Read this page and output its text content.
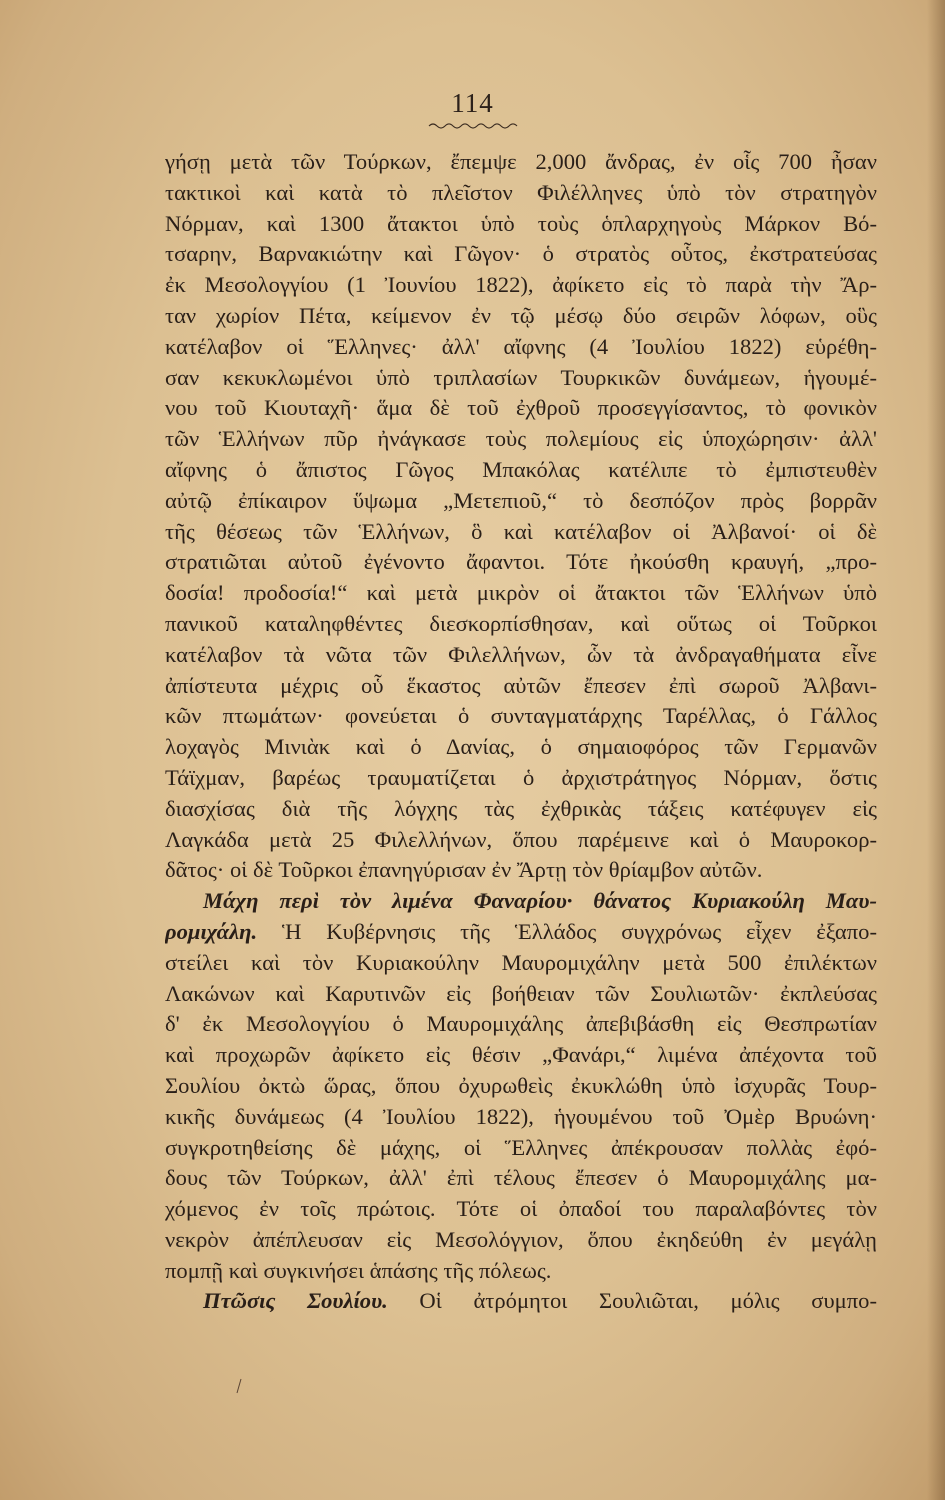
114
γήσῃ μετὰ τῶν Τούρκων, ἔπεμψε 2,000 ἄνδρας, ἐν οἷς 700 ἦσαν
τακτικοὶ καὶ κατὰ τὸ πλεῖστον Φιλέλληνες ὑπὸ τὸν στρατηγὸν
Νόρμαν, καὶ 1300 ἄτακτοι ὑπὸ τοὺς ὁπλαρχηγοὺς Μάρκον Βό-
τσαρην, Βαρνακιώτην καὶ Γῶγον· ὁ στρατὸς οὗτος, ἐκστρατεύσας
ἐκ Μεσολογγίου (1 Ἰουνίου 1822), ἀφίκετο εἰς τὸ παρὰ τὴν Ἄρ-
ταν χωρίον Πέτα, κείμενον ἐν τῷ μέσῳ δύο σειρῶν λόφων, οὓς
κατέλαβον οἱ Ἕλληνες· ἀλλ' αἴφνης (4 Ἰουλίου 1822) εὑρέθη-
σαν κεκυκλωμένοι ὑπὸ τριπλασίων Τουρκικῶν δυνάμεων, ἡγουμέ-
νου τοῦ Κιουταχῆ· ἅμα δὲ τοῦ ἐχθροῦ προσεγγίσαντος, τὸ φονικὸν
τῶν Ἑλλήνων πῦρ ἠνάγκασε τοὺς πολεμίους εἰς ὑποχώρησιν· ἀλλ'
αἴφνης ὁ ἄπιστος Γῶγος Μπακόλας κατέλιπε τὸ ἐμπιστευθὲν
αὐτῷ ἐπίκαιρον ὕψωμα „Μετεπιοῦ,“ τὸ δεσπόζον πρὸς βορρᾶν
τῆς θέσεως τῶν Ἑλλήνων, ὃ καὶ κατέλαβον οἱ Ἀλβανοί· οἱ δὲ
στρατιῶται αὐτοῦ ἐγένοντο ἄφαντοι. Τότε ἠκούσθη κραυγή, „προ-
δοσία! προδοσία!“ καὶ μετὰ μικρὸν οἱ ἄτακτοι τῶν Ἑλλήνων ὑπὸ
πανικοῦ καταληφθέντες διεσκορπίσθησαν, καὶ οὕτως οἱ Τοῦρκοι
κατέλαβον τὰ νῶτα τῶν Φιλελλήνων, ὧν τὰ ἀνδραγαθήματα εἶνε
ἀπίστευτα μέχρις οὗ ἕκαστος αὐτῶν ἔπεσεν ἐπὶ σωροῦ Ἀλβανι-
κῶν πτωμάτων· φονεύεται ὁ συνταγματάρχης Ταρέλλας, ὁ Γάλλος
λοχαγὸς Μινιὰκ καὶ ὁ Δανίας, ὁ σημαιοφόρος τῶν Γερμανῶν
Τάϊχμαν, βαρέως τραυματίζεται ὁ ἀρχιστράτηγος Νόρμαν, ὅστις
διασχίσας διὰ τῆς λόγχης τὰς ἐχθρικὰς τάξεις κατέφυγεν εἰς
Λαγκάδα μετὰ 25 Φιλελλήνων, ὅπου παρέμεινε καὶ ὁ Μαυροκορ-
δᾶτος· οἱ δὲ Τοῦρκοι ἐπανηγύρισαν ἐν Ἄρτῃ τὸν θρίαμβον αὐτῶν.
Μάχη περὶ τὸν λιμένα Φαναρίου· θάνατος Κυριακούλη Μαυ-
ρομιχάλη. Ἡ Κυβέρνησις τῆς Ἑλλάδος συγχρόνως εἶχεν ἐξαπο-
στείλει καὶ τὸν Κυριακούλην Μαυρομιχάλην μετὰ 500 ἐπιλέκτων
Λακώνων καὶ Καρυτινῶν εἰς βοήθειαν τῶν Σουλιωτῶν· ἐκπλεύσας
δ' ἐκ Μεσολογγίου ὁ Μαυρομιχάλης ἀπεβιβάσθη εἰς Θεσπρωτίαν
καὶ προχωρῶν ἀφίκετο εἰς θέσιν „Φανάρι,“ λιμένα ἀπέχοντα τοῦ
Σουλίου ὀκτὼ ὥρας, ὅπου ὀχυρωθεὶς ἐκυκλώθη ὑπὸ ἰσχυρᾶς Τουρ-
κικῆς δυνάμεως (4 Ἰουλίου 1822), ἡγουμένου τοῦ Ὀμὲρ Βρυώνη·
συγκροτηθείσης δὲ μάχης, οἱ Ἕλληνες ἀπέκρουσαν πολλὰς ἐφό-
δους τῶν Τούρκων, ἀλλ' ἐπὶ τέλους ἔπεσεν ὁ Μαυρομιχάλης μα-
χόμενος ἐν τοῖς πρώτοις. Τότε οἱ ὀπαδοί του παραλαβόντες τὸν
νεκρὸν ἀπέπλευσαν εἰς Μεσολόγγιον, ὅπου ἐκηδεύθη ἐν μεγάλῃ
πομπῇ καὶ συγκινήσει ἁπάσης τῆς πόλεως.
Πτῶσις Σουλίου. Οἱ ἀτρόμητοι Σουλιῶται, μόλις συμπο-
